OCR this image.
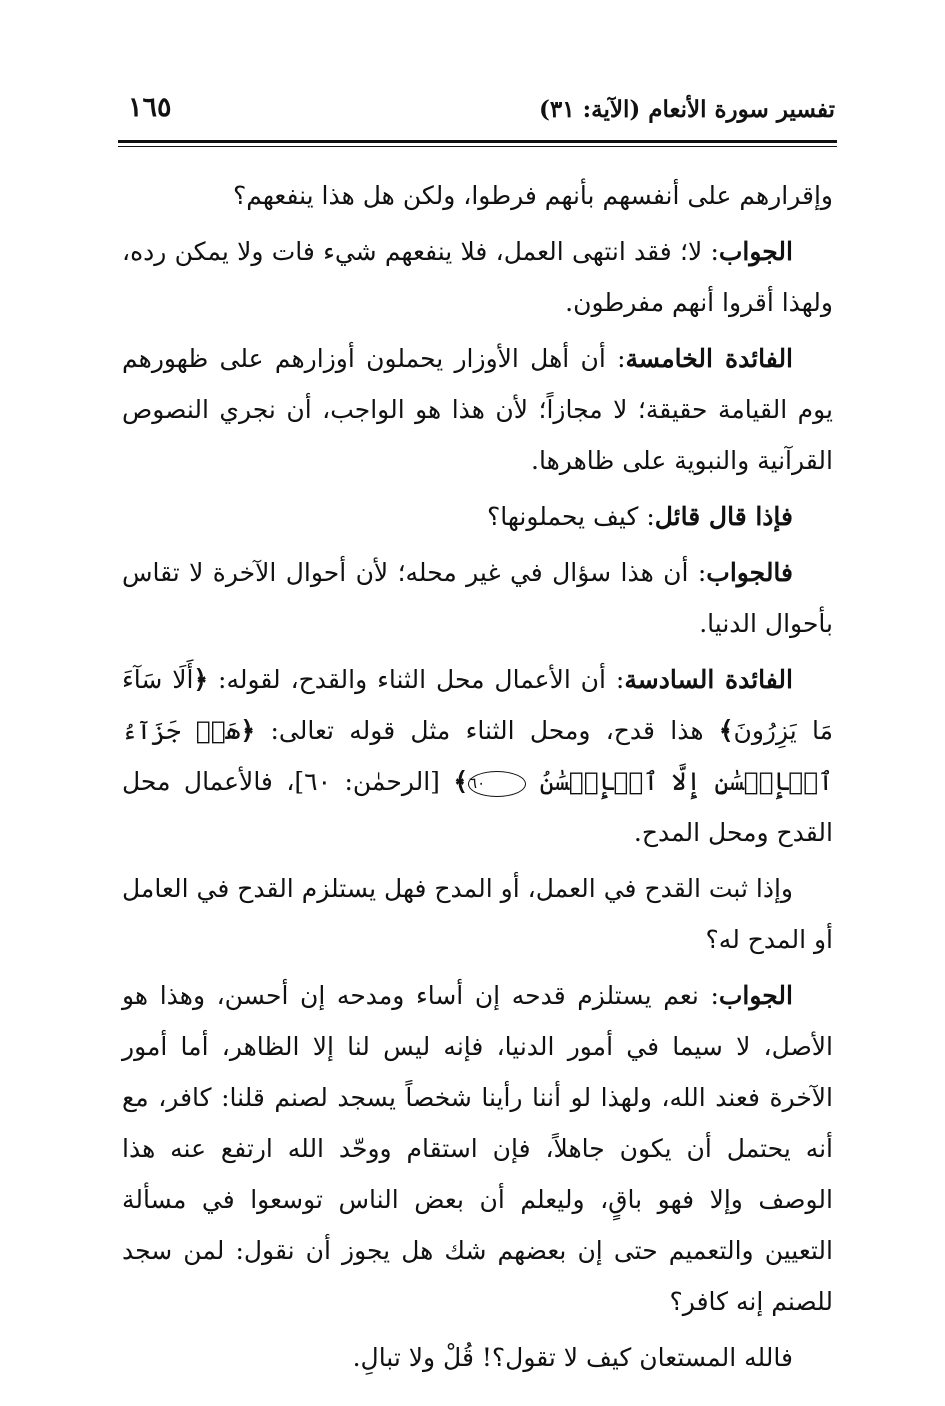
تفسير سورة الأنعام (الآية: ٣١)
١٦٥

وإقرارهم على أنفسهم بأنهم فرطوا، ولكن هل هذا ينفعهم؟

الجواب: لا؛ فقد انتهى العمل، فلا ينفعهم شيء فات ولا يمكن رده، ولهذا أقروا أنهم مفرطون.

الفائدة الخامسة: أن أهل الأوزار يحملون أوزارهم على ظهورهم يوم القيامة حقيقة؛ لا مجازاً؛ لأن هذا هو الواجب، أن نجري النصوص القرآنية والنبوية على ظاهرها.

فإذا قال قائل: كيف يحملونها؟

فالجواب: أن هذا سؤال في غير محله؛ لأن أحوال الآخرة لا تقاس بأحوال الدنيا.

الفائدة السادسة: أن الأعمال محل الثناء والقدح، لقوله: ﴿أَلَا سَآءَ مَا يَزِرُونَ﴾ هذا قدح، ومحل الثناء مثل قوله تعالى: ﴿هَلۡ جَزَآءُ ٱلۡإِحۡسَٰنِ إِلَّا ٱلۡإِحۡسَٰنُ ٦٠﴾ [الرحمٰن: ٦٠]، فالأعمال محل القدح ومحل المدح.

وإذا ثبت القدح في العمل، أو المدح فهل يستلزم القدح في العامل أو المدح له؟

الجواب: نعم يستلزم قدحه إن أساء ومدحه إن أحسن، وهذا هو الأصل، لا سيما في أمور الدنيا، فإنه ليس لنا إلا الظاهر، أما أمور الآخرة فعند الله، ولهذا لو أننا رأينا شخصاً يسجد لصنم قلنا: كافر، مع أنه يحتمل أن يكون جاهلاً، فإن استقام ووحّد الله ارتفع عنه هذا الوصف وإلا فهو باقٍ، وليعلم أن بعض الناس توسعوا في مسألة التعيين والتعميم حتى إن بعضهم شك هل يجوز أن نقول: لمن سجد للصنم إنه كافر؟

فالله المستعان كيف لا تقول؟! قُلْ ولا تبالِ.
